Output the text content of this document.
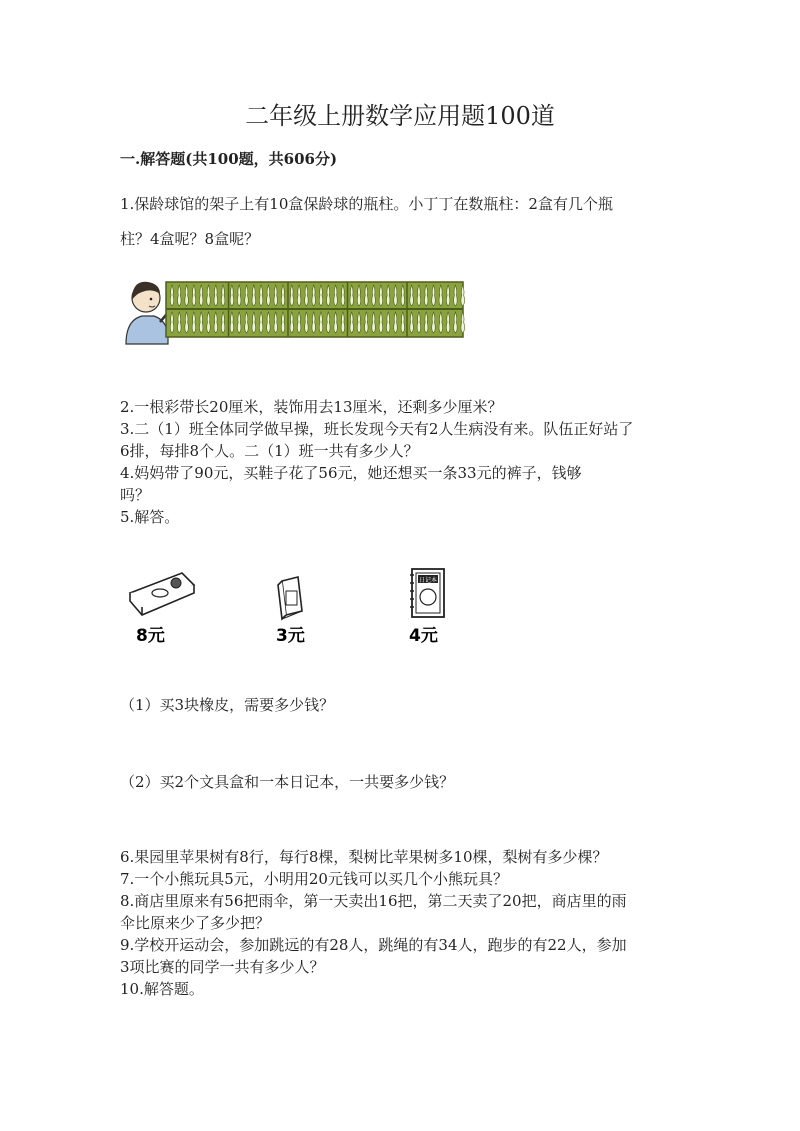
二年级上册数学应用题100道
一.解答题(共100题，共606分)
1.保龄球馆的架子上有10盒保龄球的瓶柱。小丁丁在数瓶柱：2盒有几个瓶
柱？4盒呢？8盒呢？
2.一根彩带长20厘米，装饰用去13厘米，还剩多少厘米？
3.二（1）班全体同学做早操，班长发现今天有2人生病没有来。队伍正好站了
6排，每排8个人。二（1）班一共有多少人？
4.妈妈带了90元，买鞋子花了56元，她还想买一条33元的裤子，钱够
吗？
5.解答。
日记本
8元	3元	4元
（1）买3块橡皮，需要多少钱？
（2）买2个文具盒和一本日记本，一共要多少钱？
6.果园里苹果树有8行，每行8棵，梨树比苹果树多10棵，梨树有多少棵？
7.一个小熊玩具5元，小明用20元钱可以买几个小熊玩具？
8.商店里原来有56把雨伞，第一天卖出16把，第二天卖了20把，商店里的雨
伞比原来少了多少把？
9.学校开运动会，参加跳远的有28人，跳绳的有34人，跑步的有22人，参加
3项比赛的同学一共有多少人？
10.解答题。
